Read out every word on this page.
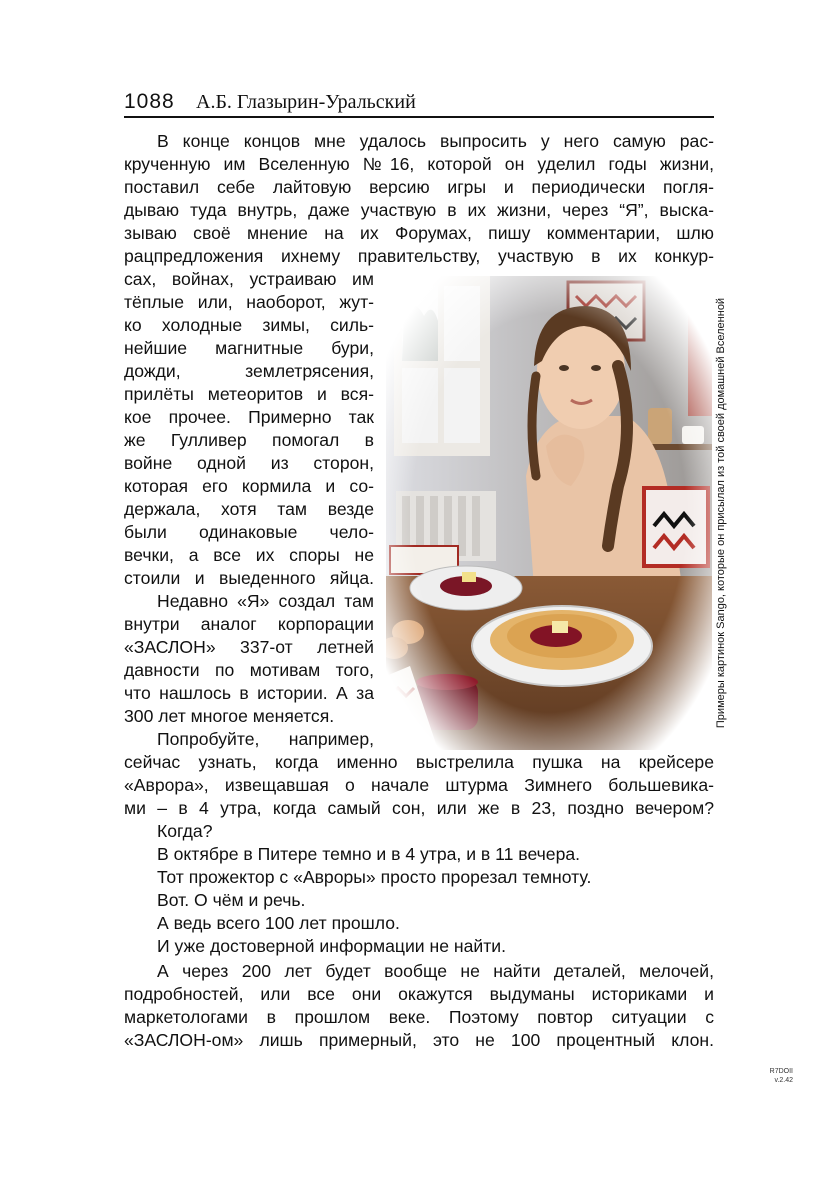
1088 А.Б. Глазырин-Уральский
В конце концов мне удалось выпросить у него самую рас-
крученную им Вселенную №16, которой он уделил годы жизни,
поставил себе лайтовую версию игры и периодически погля-
дываю туда внутрь, даже участвую в их жизни, через “Я”, выска-
зываю своё мнение на их Форумах, пишу комментарии, шлю
рацпредложения ихнему правительству, участвую в их конкур-
сах, войнах, устраиваю им
тёплые или, наоборот, жут-
ко холодные зимы, силь-
нейшие магнитные бури,
дожди, землетрясения,
прилёты метеоритов и вся-
кое прочее. Примерно так
же Гулливер помогал в
войне одной из сторон,
которая его кормила и со-
держала, хотя там везде
были одинаковые чело-
вечки, а все их споры не
стоили и выеденного яйца.
Недавно «Я» создал там
внутри аналог корпорации
«ЗАСЛОН» 337-от летней
давности по мотивам того,
что нашлось в истории. А за
300 лет многое меняется.
Попробуйте, например,
сейчас узнать, когда именно выстрелила пушка на крейсере
«Аврора», извещавшая о начале штурма Зимнего большевика-
ми – в 4 утра, когда самый сон, или же в 23, поздно вечером?
Когда?
В октябре в Питере темно и в 4 утра, и в 11 вечера.
Тот прожектор с «Авроры» просто прорезал темноту.
Вот. О чём и речь.
А ведь всего 100 лет прошло.
И уже достоверной информации не найти.
А через 200 лет будет вообще не найти деталей, мелочей,
подробностей, или все они окажутся выдуманы историками и
маркетологами в прошлом веке. Поэтому повтор ситуации с
«ЗАСЛОН-ом» лишь примерный, это не 100 процентный клон.
Примеры картинок Sango, которые он присылал из той своей домашней Вселенной
R7DOII
v.2.42
